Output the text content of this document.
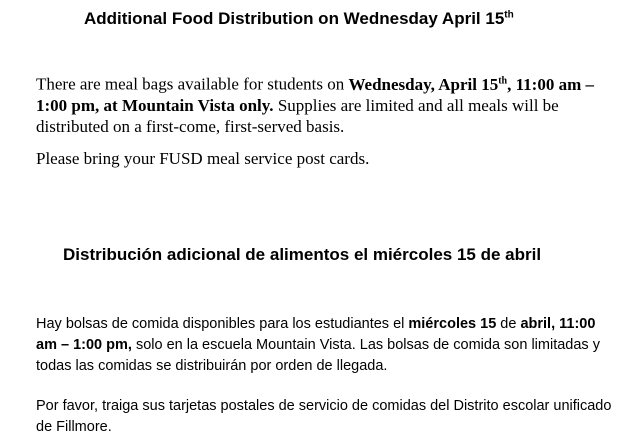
Additional Food Distribution on Wednesday April 15th

There are meal bags available for students on Wednesday, April 15th, 11:00 am – 1:00 pm, at Mountain Vista only. Supplies are limited and all meals will be distributed on a first-come, first-served basis.

Please bring your FUSD meal service post cards.

Distribución adicional de alimentos el miércoles 15 de abril

Hay bolsas de comida disponibles para los estudiantes el miércoles 15 de abril, 11:00 am – 1:00 pm, solo en la escuela Mountain Vista. Las bolsas de comida son limitadas y todas las comidas se distribuirán por orden de llegada.

Por favor, traiga sus tarjetas postales de servicio de comidas del Distrito escolar unificado de Fillmore.
